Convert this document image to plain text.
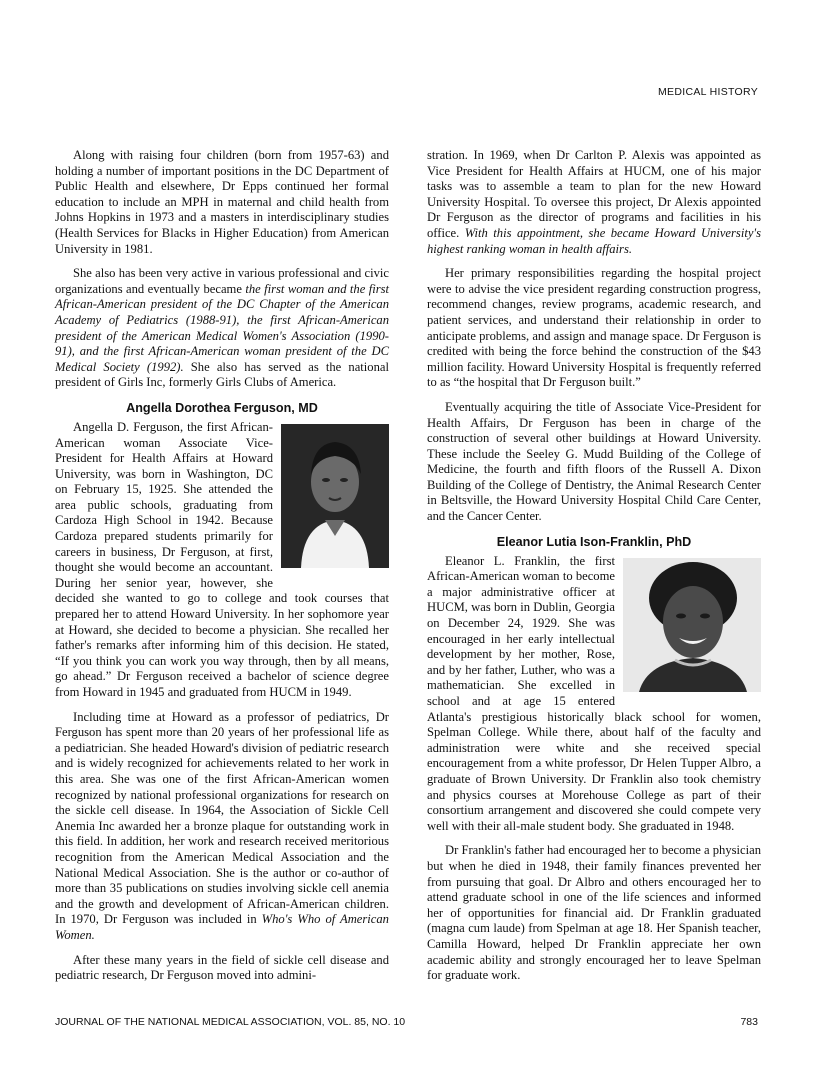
MEDICAL HISTORY

Along with raising four children (born from 1957-63) and holding a number of important positions in the DC Department of Public Health and elsewhere, Dr Epps continued her formal education to include an MPH in maternal and child health from Johns Hopkins in 1973 and a masters in interdisciplinary studies (Health Services for Blacks in Higher Education) from American University in 1981.

She also has been very active in various professional and civic organizations and eventually became the first woman and the first African-American president of the DC Chapter of the American Academy of Pediatrics (1988-91), the first African-American president of the American Medical Women's Association (1990-91), and the first African-American woman president of the DC Medical Society (1992). She also has served as the national president of Girls Inc, formerly Girls Clubs of America.

Angella Dorothea Ferguson, MD

Angella D. Ferguson, the first African-American woman Associate Vice-President for Health Affairs at Howard University, was born in Washington, DC on February 15, 1925. She attended the area public schools, graduating from Cardoza High School in 1942. Because Cardoza prepared students primarily for careers in business, Dr Ferguson, at first, thought she would become an accountant. During her senior year, however, she decided she wanted to go to college and took courses that prepared her to attend Howard University. In her sophomore year at Howard, she decided to become a physician. She recalled her father's remarks after informing him of this decision. He stated, “If you think you can work you way through, then by all means, go ahead.” Dr Ferguson received a bachelor of science degree from Howard in 1945 and graduated from HUCM in 1949.

Including time at Howard as a professor of pediatrics, Dr Ferguson has spent more than 20 years of her professional life as a pediatrician. She headed Howard's division of pediatric research and is widely recognized for achievements related to her work in this area. She was one of the first African-American women recognized by national professional organizations for research on the sickle cell disease. In 1964, the Association of Sickle Cell Anemia Inc awarded her a bronze plaque for outstanding work in this field. In addition, her work and research received meritorious recognition from the American Medical Association and the National Medical Association. She is the author or co-author of more than 35 publications on studies involving sickle cell anemia and the growth and development of African-American children. In 1970, Dr Ferguson was included in Who's Who of American Women.

After these many years in the field of sickle cell disease and pediatric research, Dr Ferguson moved into admini-

stration. In 1969, when Dr Carlton P. Alexis was appointed as Vice President for Health Affairs at HUCM, one of his major tasks was to assemble a team to plan for the new Howard University Hospital. To oversee this project, Dr Alexis appointed Dr Ferguson as the director of programs and facilities in his office. With this appointment, she became Howard University's highest ranking woman in health affairs.

Her primary responsibilities regarding the hospital project were to advise the vice president regarding construction progress, recommend changes, review programs, academic research, and patient services, and understand their relationship in order to anticipate problems, and assign and manage space. Dr Ferguson is credited with being the force behind the construction of the $43 million facility. Howard University Hospital is frequently referred to as “the hospital that Dr Ferguson built.”

Eventually acquiring the title of Associate Vice-President for Health Affairs, Dr Ferguson has been in charge of the construction of several other buildings at Howard University. These include the Seeley G. Mudd Building of the College of Medicine, the fourth and fifth floors of the Russell A. Dixon Building of the College of Dentistry, the Animal Research Center in Beltsville, the Howard University Hospital Child Care Center, and the Cancer Center.

Eleanor Lutia Ison-Franklin, PhD

Eleanor L. Franklin, the first African-American woman to become a major administrative officer at HUCM, was born in Dublin, Georgia on December 24, 1929. She was encouraged in her early intellectual development by her mother, Rose, and by her father, Luther, who was a mathematician. She excelled in school and at age 15 entered Atlanta's prestigious historically black school for women, Spelman College. While there, about half of the faculty and administration were white and she received special encouragement from a white professor, Dr Helen Tupper Albro, a graduate of Brown University. Dr Franklin also took chemistry and physics courses at Morehouse College as part of their consortium arrangement and discovered she could compete very well with their all-male student body. She graduated in 1948.

Dr Franklin's father had encouraged her to become a physician but when he died in 1948, their family finances prevented her from pursuing that goal. Dr Albro and others encouraged her to attend graduate school in one of the life sciences and informed her of opportunities for financial aid. Dr Franklin graduated (magna cum laude) from Spelman at age 18. Her Spanish teacher, Camilla Howard, helped Dr Franklin appreciate her own academic ability and strongly encouraged her to leave Spelman for graduate work.

JOURNAL OF THE NATIONAL MEDICAL ASSOCIATION, VOL. 85, NO. 10	783
